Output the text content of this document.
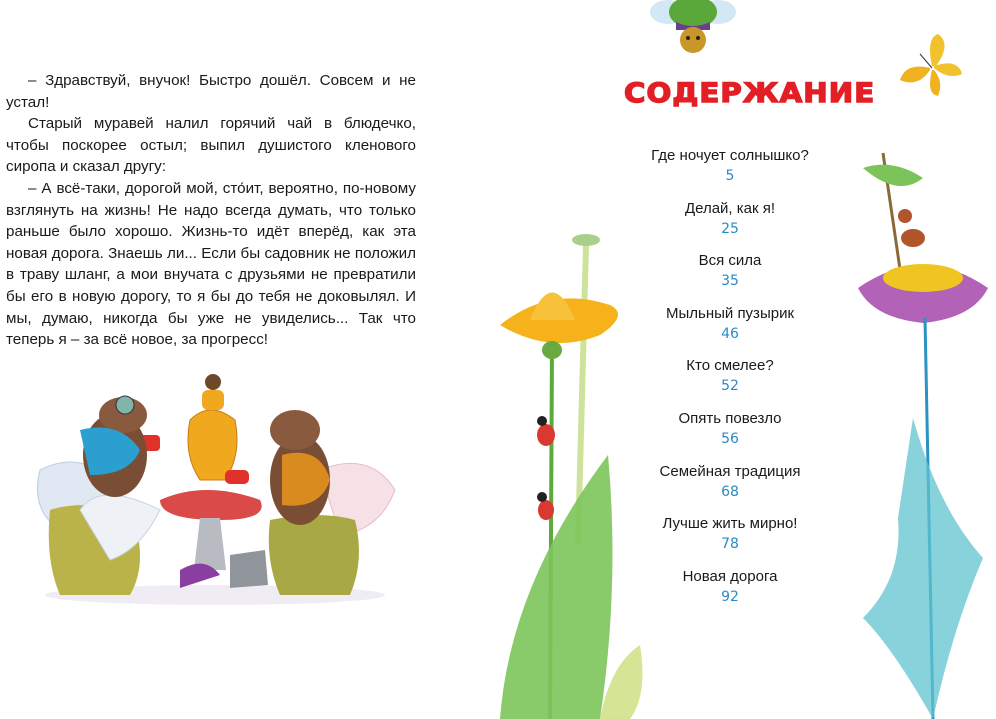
– Здравствуй, внучок! Быстро дошёл. Совсем и не устал!

Старый муравей налил горячий чай в блюдечко, чтобы поскорее остыл; выпил душистого кленового сиропа и сказал другу:

– А всё-таки, дорогой мой, сто́ит, вероятно, по-новому взглянуть на жизнь! Не надо всегда думать, что только раньше было хорошо. Жизнь-то идёт вперёд, как эта новая дорога. Знаешь ли... Если бы садовник не положил в траву шланг, а мои внучата с друзьями не превратили бы его в новую дорогу, то я бы до тебя не доковылял. И мы, думаю, никогда бы уже не увиделись... Так что теперь я – за всё новое, за прогресс!

СОДЕРЖАНИЕ
Где ночует солнышко?
5
Делай, как я!
25
Вся сила
35
Мыльный пузырик
46
Кто смелее?
52
Опять повезло
56
Семейная традиция
68
Лучше жить мирно!
78
Новая дорога
92
